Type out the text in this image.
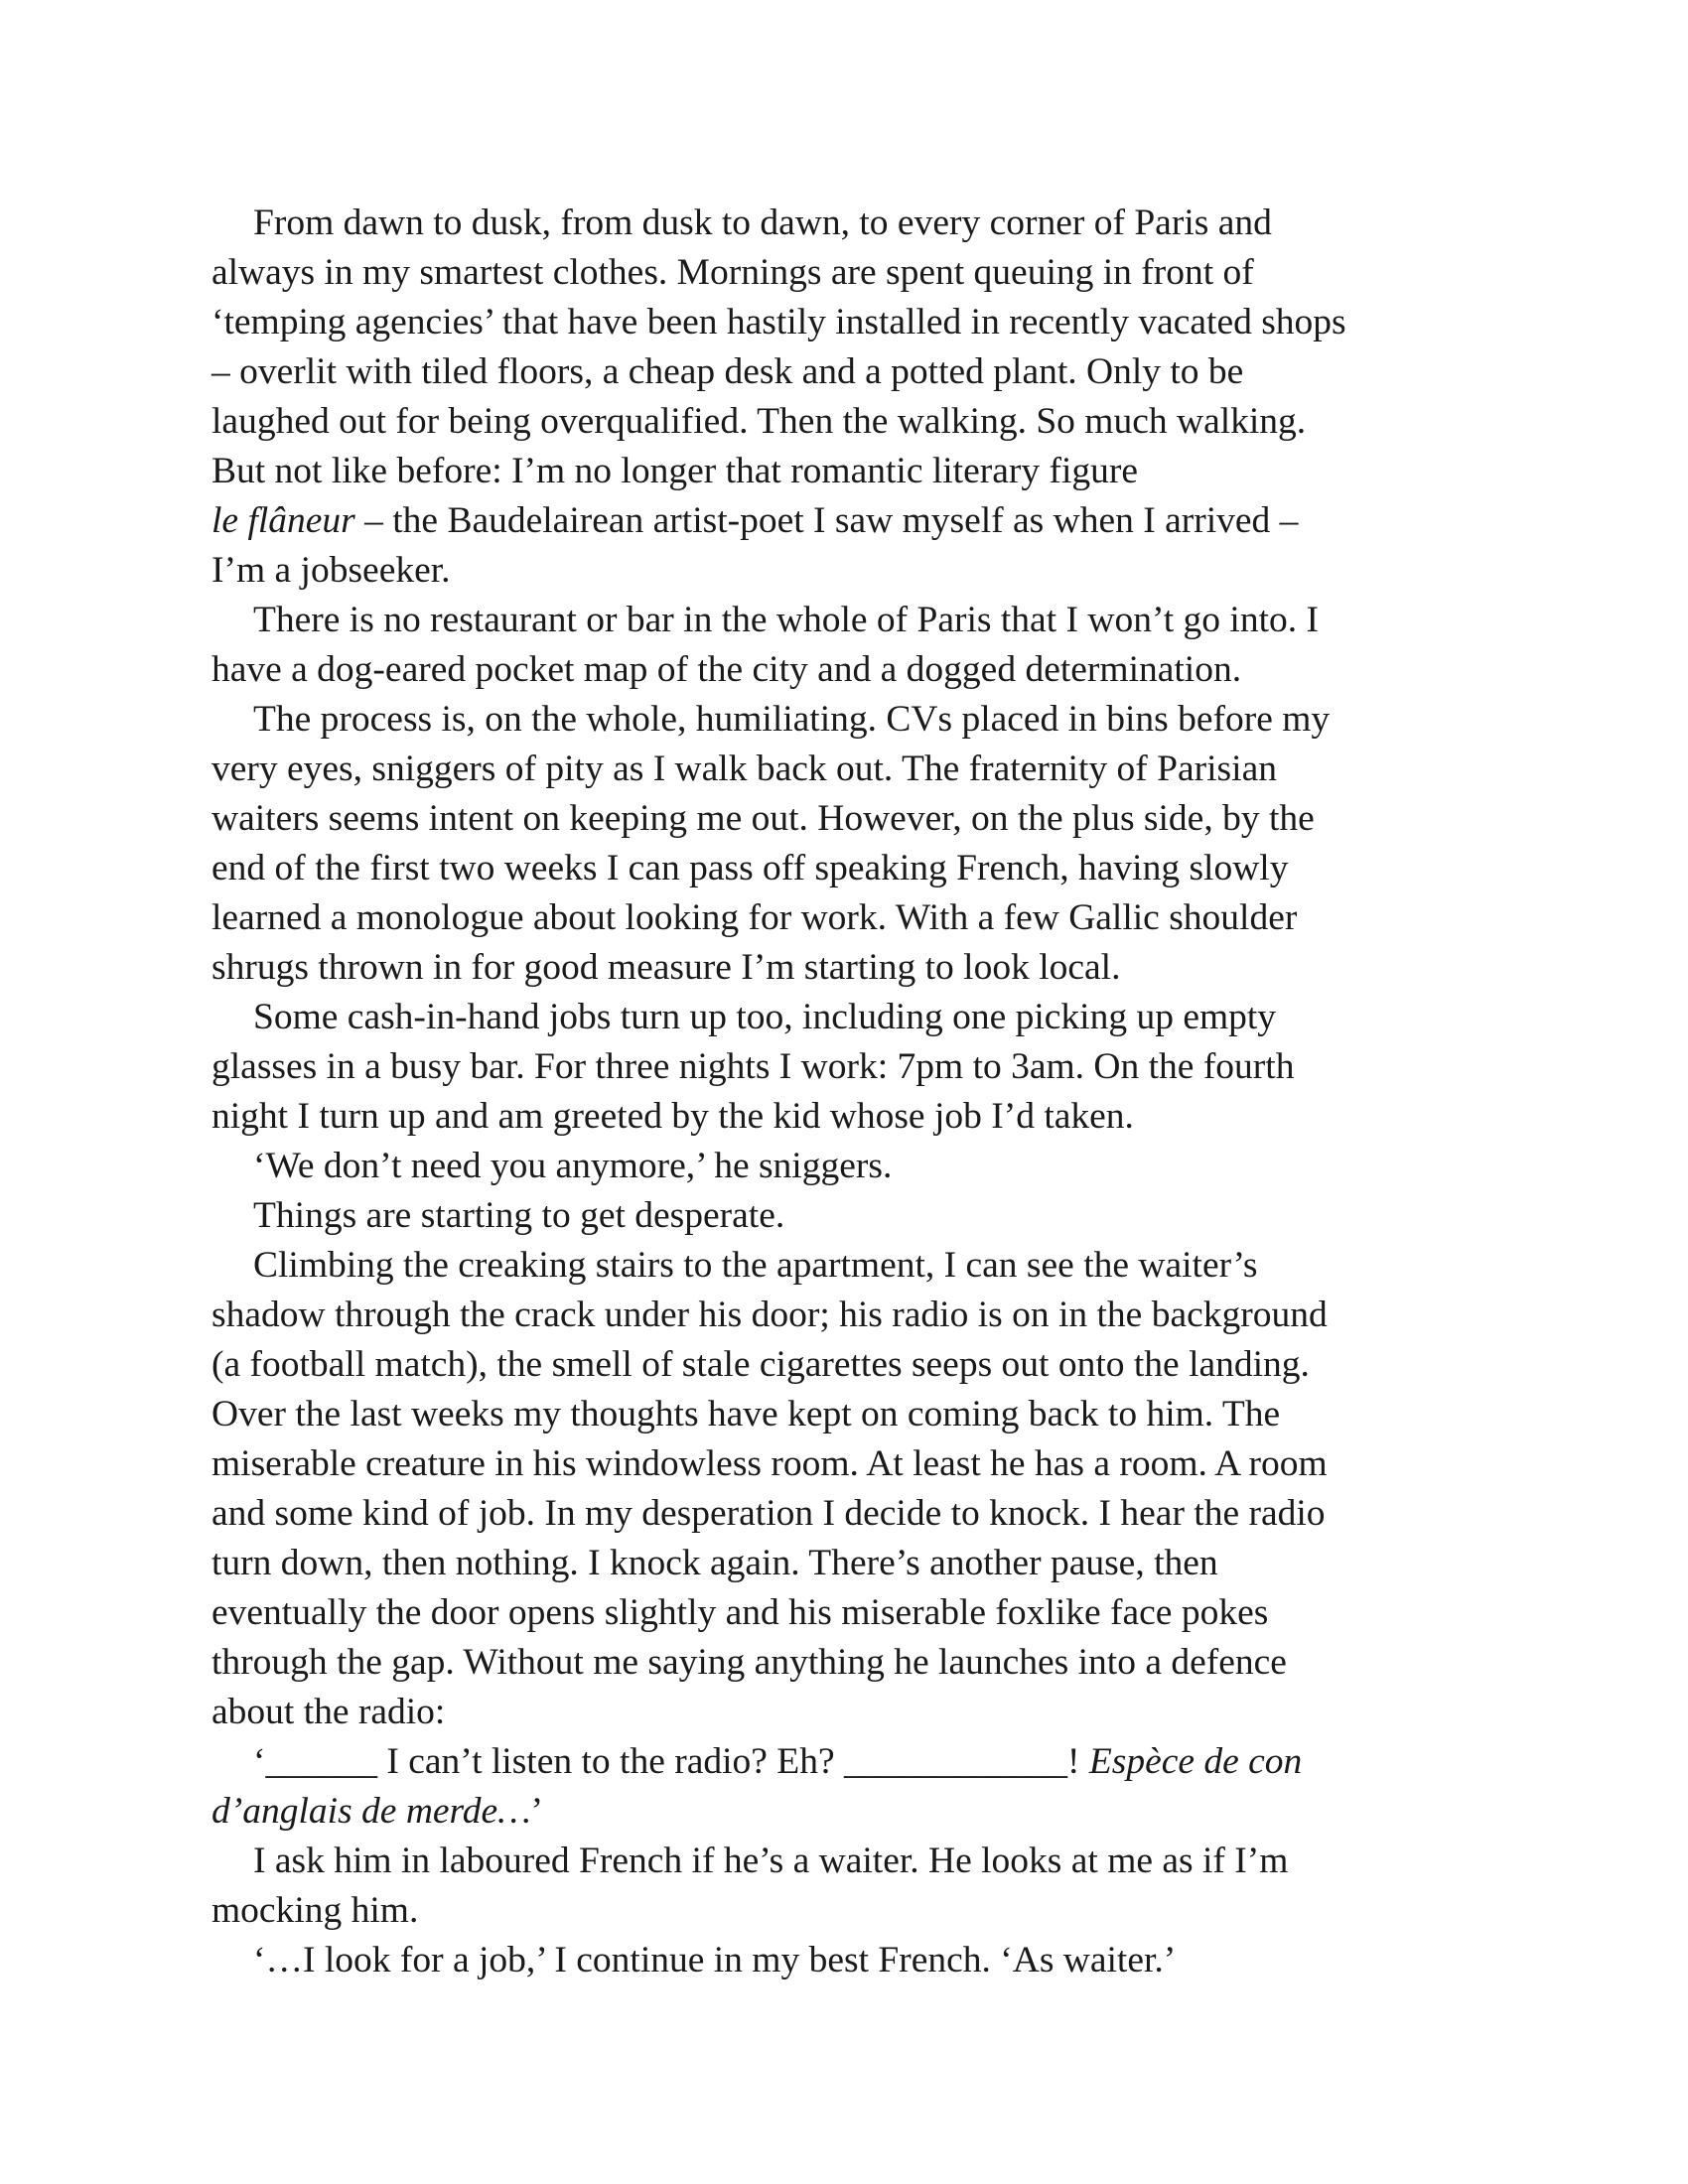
From dawn to dusk, from dusk to dawn, to every corner of Paris and
always in my smartest clothes. Mornings are spent queuing in front of
‘temping agencies’ that have been hastily installed in recently vacated shops
– overlit with tiled floors, a cheap desk and a potted plant. Only to be
laughed out for being overqualified. Then the walking. So much walking.
But not like before: I’m no longer that romantic literary figure
le flâneur – the Baudelairean artist-poet I saw myself as when I arrived –
I’m a jobseeker.
There is no restaurant or bar in the whole of Paris that I won’t go into. I
have a dog-eared pocket map of the city and a dogged determination.
The process is, on the whole, humiliating. CVs placed in bins before my
very eyes, sniggers of pity as I walk back out. The fraternity of Parisian
waiters seems intent on keeping me out. However, on the plus side, by the
end of the first two weeks I can pass off speaking French, having slowly
learned a monologue about looking for work. With a few Gallic shoulder
shrugs thrown in for good measure I’m starting to look local.
Some cash-in-hand jobs turn up too, including one picking up empty
glasses in a busy bar. For three nights I work: 7pm to 3am. On the fourth
night I turn up and am greeted by the kid whose job I’d taken.
‘We don’t need you anymore,’ he sniggers.
Things are starting to get desperate.
Climbing the creaking stairs to the apartment, I can see the waiter’s
shadow through the crack under his door; his radio is on in the background
(a football match), the smell of stale cigarettes seeps out onto the landing.
Over the last weeks my thoughts have kept on coming back to him. The
miserable creature in his windowless room. At least he has a room. A room
and some kind of job. In my desperation I decide to knock. I hear the radio
turn down, then nothing. I knock again. There’s another pause, then
eventually the door opens slightly and his miserable foxlike face pokes
through the gap. Without me saying anything he launches into a defence
about the radio:
‘______ I can’t listen to the radio? Eh? ____________! Espèce de con
d’anglais de merde…’
I ask him in laboured French if he’s a waiter. He looks at me as if I’m
mocking him.
‘…I look for a job,’ I continue in my best French. ‘As waiter.’
